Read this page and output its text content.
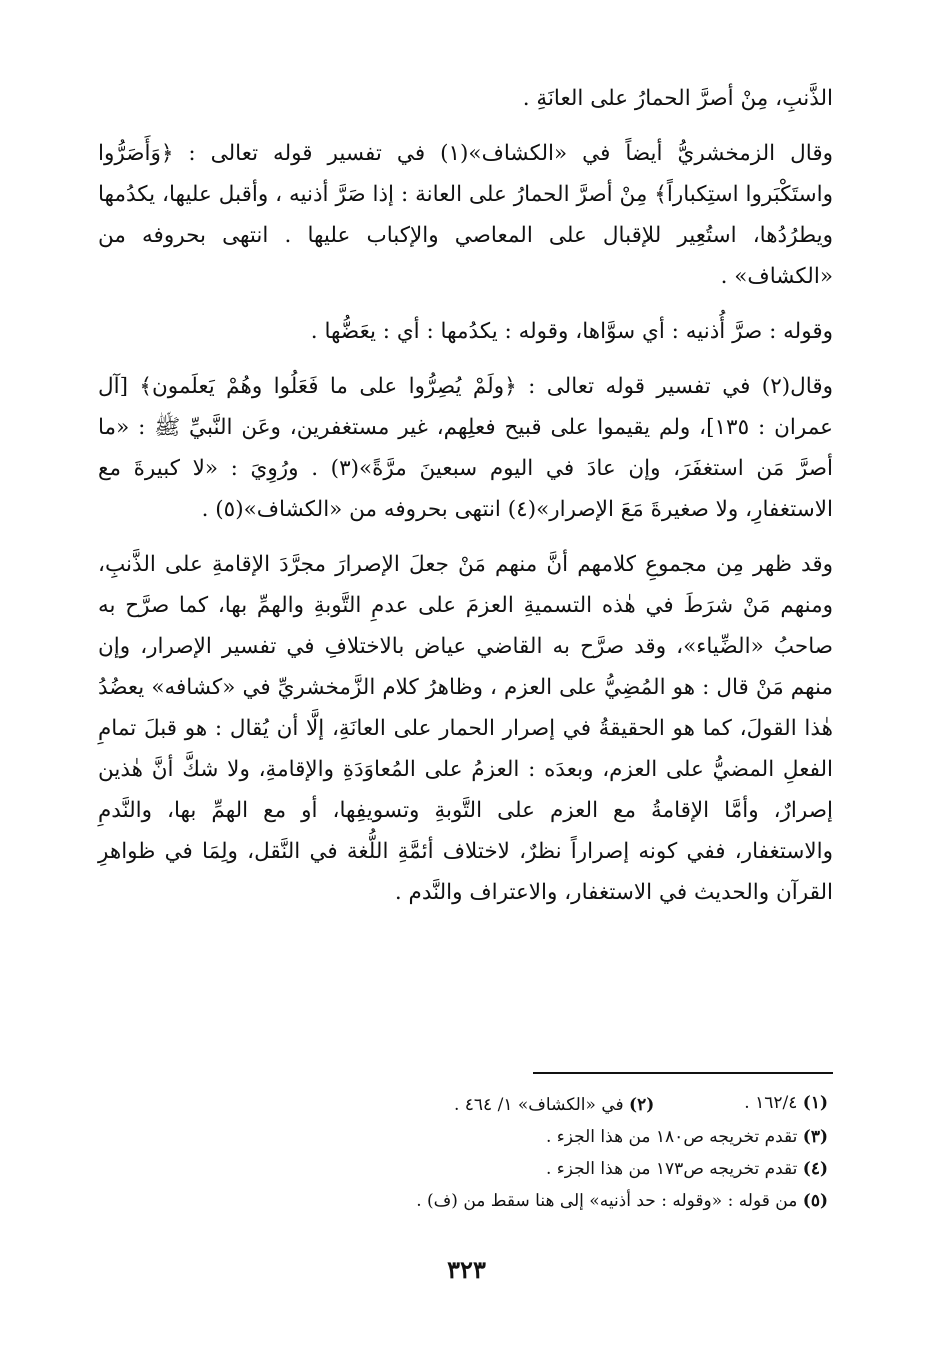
الذَّنبِ، مِنْ أصرَّ الحمارُ على العانَةِ .

وقال الزمخشريُّ أيضاً في «الكشاف»(١) في تفسير قوله تعالى : ﴿وَأَصَرُّوا واستَكْبَروا استِكباراً﴾ مِنْ أصرَّ الحمارُ على العانة : إذا صَرَّ أذنيه ، وأقبل عليها، يكدُمها ويطرُدُها، استُعِير للإقبال على المعاصي والإكباب عليها . انتهى بحروفه من «الكشاف» .

وقوله : صرَّ أُذنيه : أي سوَّاها، وقوله : يكدُمها : أي : يعَضُّها .

وقال(٢) في تفسير قوله تعالى : ﴿ولَمْ يُصِرُّوا على ما فَعَلُوا وهُمْ يَعلَمون﴾ [آل عمران : ١٣٥]، ولم يقيموا على قبيح فعلِهم، غير مستغفرين، وعَن النَّبيِّ ﷺ : «ما أصرَّ مَن استغفَرَ، وإن عادَ في اليوم سبعينَ مرَّةً»(٣) . ورُوِيَ : «لا كبيرةَ مع الاستغفارِ، ولا صغيرةَ مَعَ الإصرار»(٤) انتهى بحروفه من «الكشاف»(٥) .

وقد ظهر مِن مجموعِ كلامهم أنَّ منهم مَنْ جعلَ الإصرارَ مجرَّدَ الإقامةِ على الذَّنبِ، ومنهم مَنْ شرَطَ في هٰذه التسميةِ العزمَ على عدمِ التَّوبةِ والهمِّ بها، كما صرَّح به صاحبُ «الضِّياء»، وقد صرَّح به القاضي عياض بالاختلافِ في تفسير الإصرار، وإن منهم مَنْ قال : هو المُضِيُّ على العزم ، وظاهرُ كلام الزَّمخشريِّ في «كشافه» يعضُدُ هٰذا القولَ، كما هو الحقيقةُ في إصرار الحمار على العانَةِ، إلَّا أن يُقال : هو قبلَ تمامِ الفعلِ المضيُّ على العزم، وبعدَه : العزمُ على المُعاوَدَةِ والإقامةِ، ولا شكَّ أنَّ هٰذين إصرارٌ، وأمَّا الإقامةُ مع العزم على التَّوبةِ وتسويفِها، أو مع الهمِّ بها، والنَّدمِ والاستغفار، ففي كونه إصراراً نظرٌ، لاختلاف أئمَّةِ اللُّغة في النَّقل، ولِمَا في ظواهرِ القرآن والحديث في الاستغفار، والاعتراف والنَّدم .

(١) ١٦٢/٤ .
(٢) في «الكشاف» ١/ ٤٦٤ .
(٣) تقدم تخريجه ص١٨٠ من هذا الجزء .
(٤) تقدم تخريجه ص١٧٣ من هذا الجزء .
(٥) من قوله : «وقوله : حد أذنيه» إلى هنا سقط من (ف) .
٣٢٣
